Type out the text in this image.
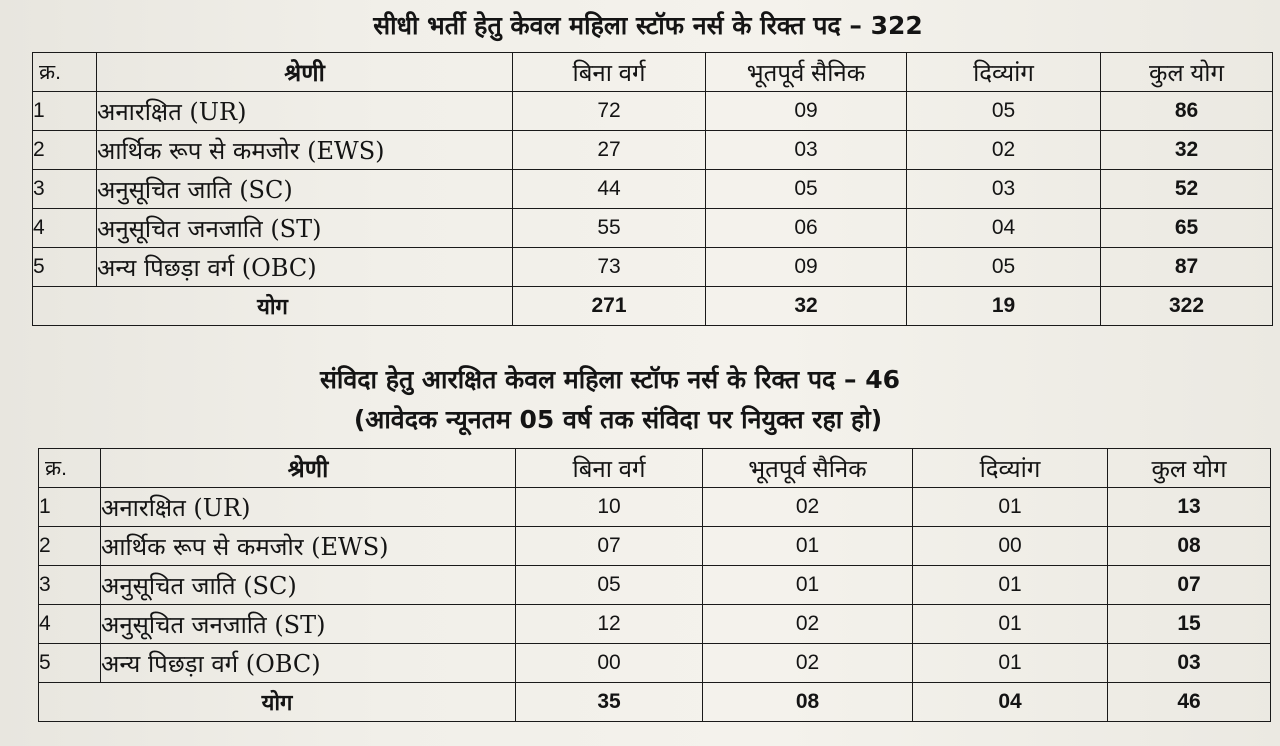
सीधी भर्ती हेतु केवल महिला स्टॉफ नर्स के रिक्त पद – 322
क्र.	श्रेणी	बिना वर्ग	भूतपूर्व सैनिक	दिव्यांग	कुल योग
1	अनारक्षित (UR)	72	09	05	86
2	आर्थिक रूप से कमजोर (EWS)	27	03	02	32
3	अनुसूचित जाति (SC)	44	05	03	52
4	अनुसूचित जनजाति (ST)	55	06	04	65
5	अन्य पिछड़ा वर्ग (OBC)	73	09	05	87
योग		271	32	19	322
संविदा हेतु आरक्षित केवल महिला स्टॉफ नर्स के रिक्त पद – 46
(आवेदक न्यूनतम 05 वर्ष तक संविदा पर नियुक्त रहा हो)
क्र.	श्रेणी	बिना वर्ग	भूतपूर्व सैनिक	दिव्यांग	कुल योग
1	अनारक्षित (UR)	10	02	01	13
2	आर्थिक रूप से कमजोर (EWS)	07	01	00	08
3	अनुसूचित जाति (SC)	05	01	01	07
4	अनुसूचित जनजाति (ST)	12	02	01	15
5	अन्य पिछड़ा वर्ग (OBC)	00	02	01	03
योग		35	08	04	46
